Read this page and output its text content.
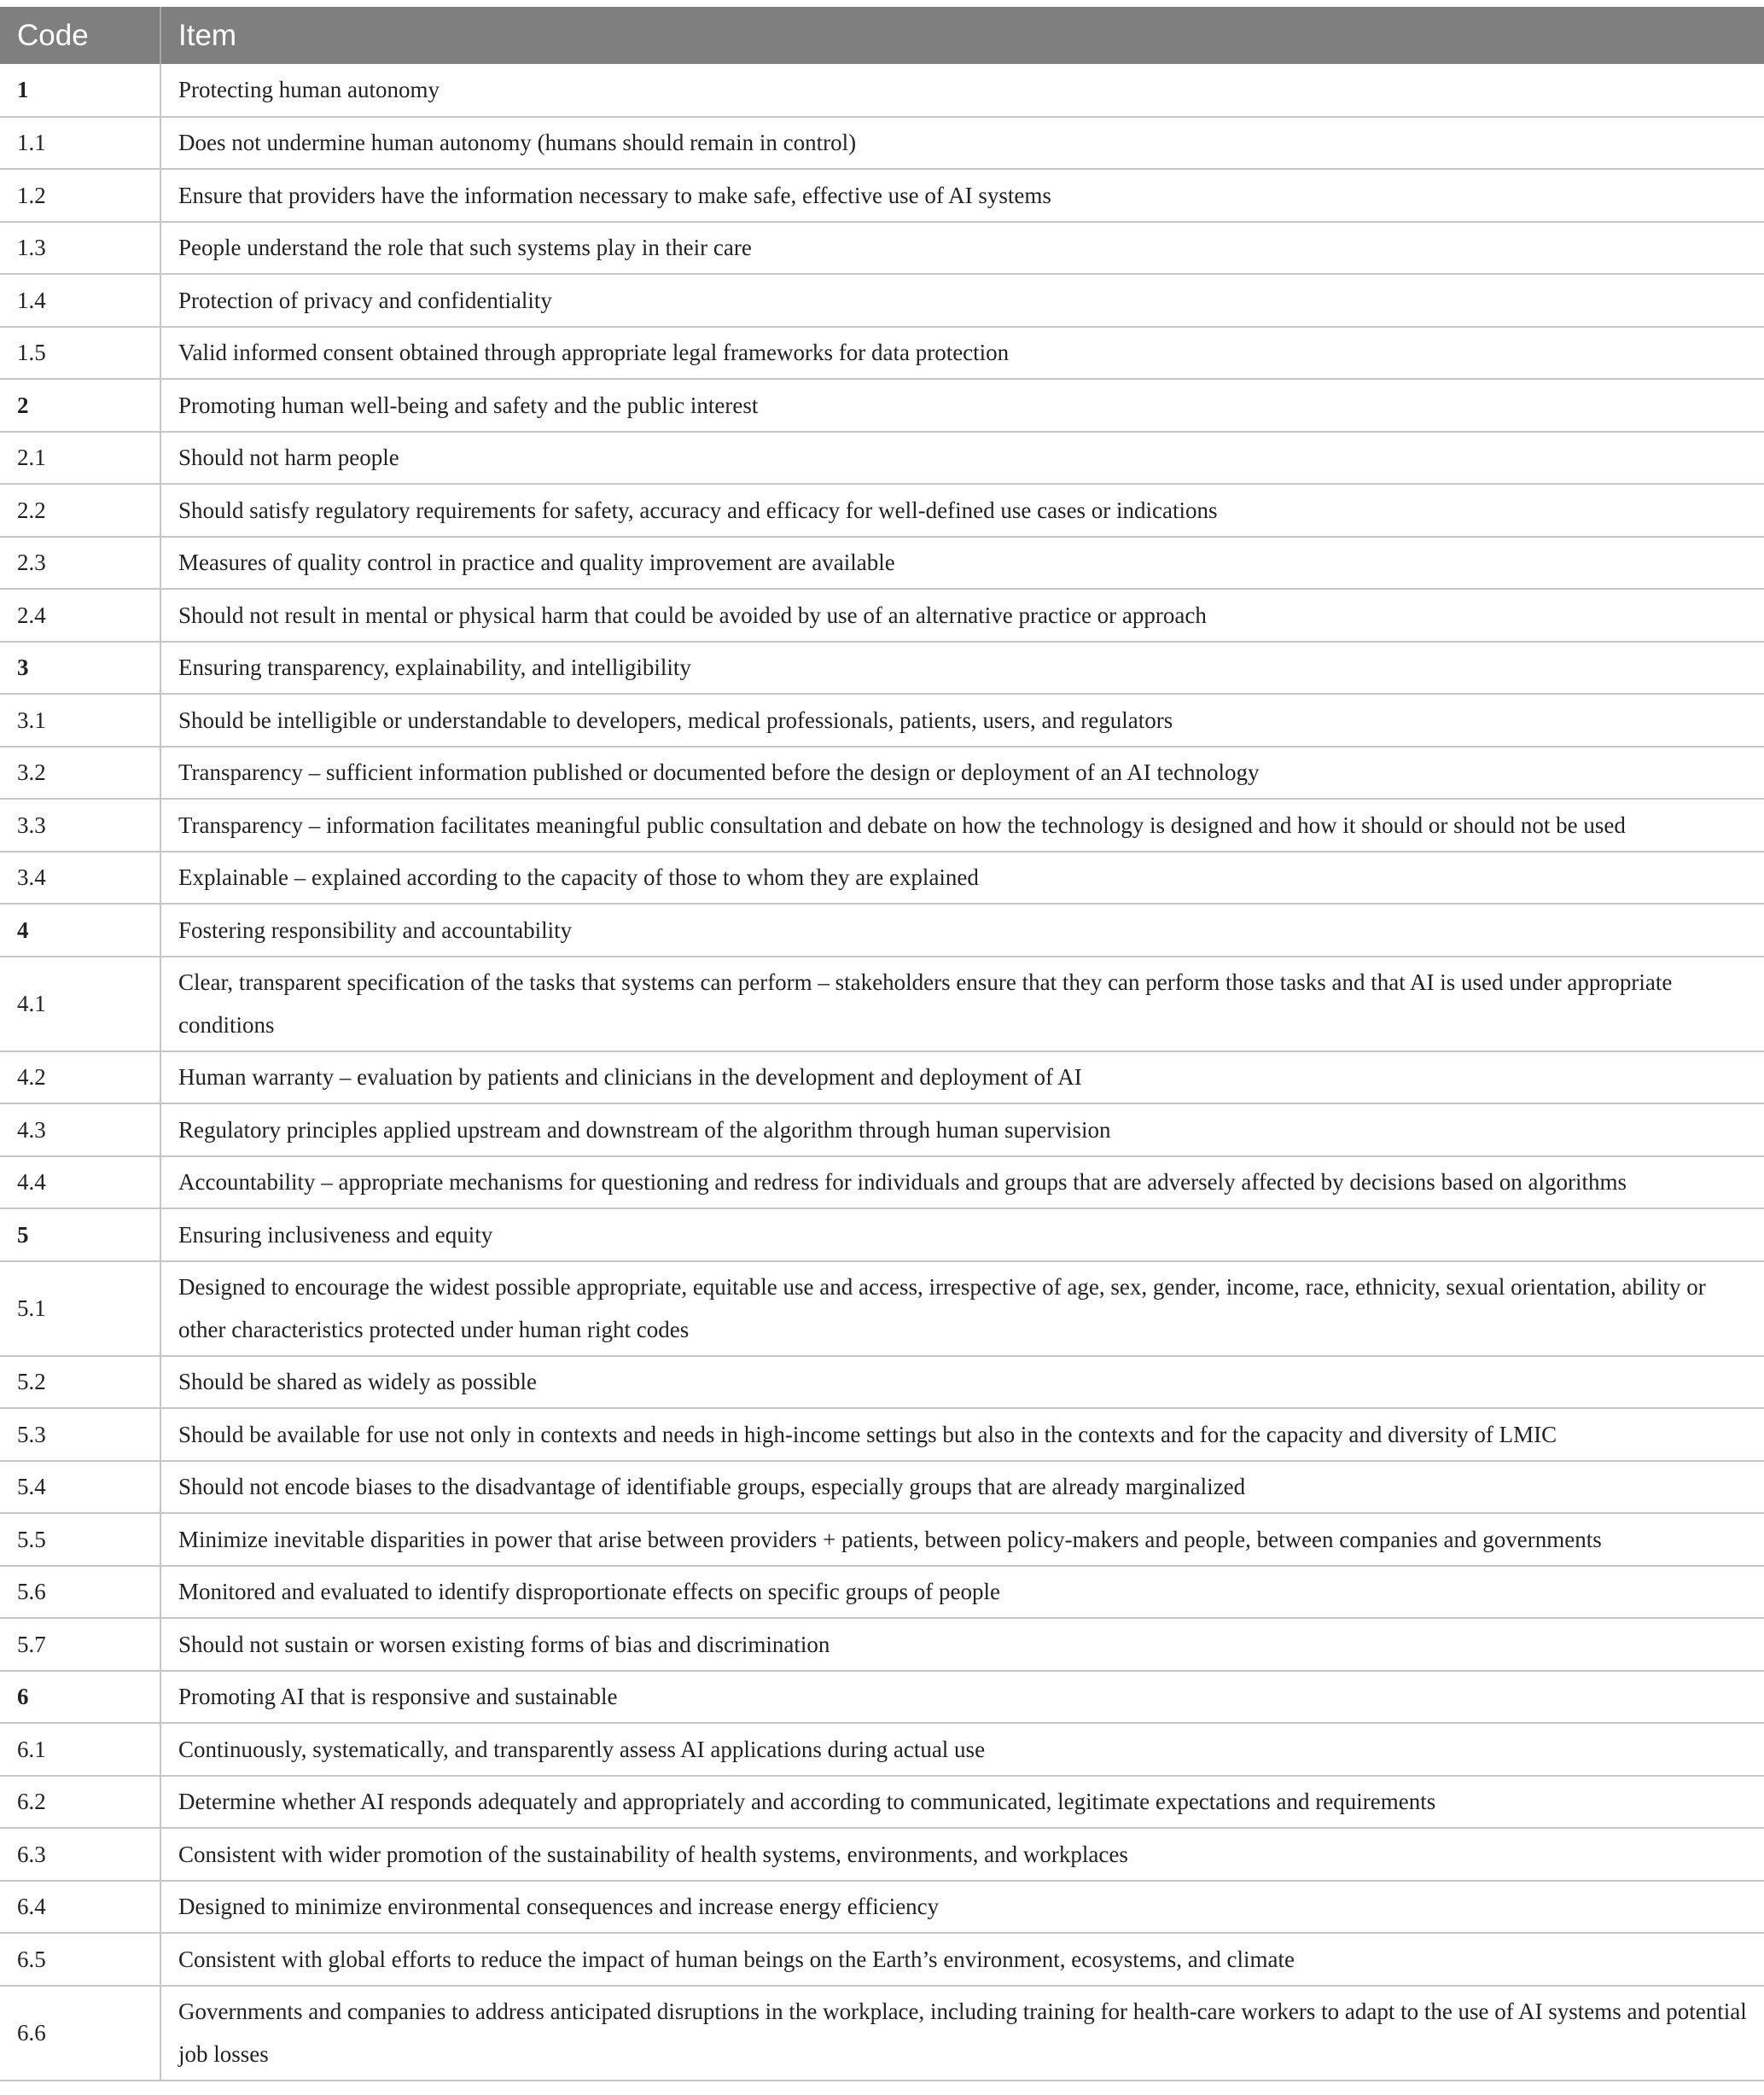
Code	Item
1	Protecting human autonomy
1.1	Does not undermine human autonomy (humans should remain in control)
1.2	Ensure that providers have the information necessary to make safe, effective use of AI systems
1.3	People understand the role that such systems play in their care
1.4	Protection of privacy and confidentiality
1.5	Valid informed consent obtained through appropriate legal frameworks for data protection
2	Promoting human well-being and safety and the public interest
2.1	Should not harm people
2.2	Should satisfy regulatory requirements for safety, accuracy and efficacy for well-defined use cases or indications
2.3	Measures of quality control in practice and quality improvement are available
2.4	Should not result in mental or physical harm that could be avoided by use of an alternative practice or approach
3	Ensuring transparency, explainability, and intelligibility
3.1	Should be intelligible or understandable to developers, medical professionals, patients, users, and regulators
3.2	Transparency – sufficient information published or documented before the design or deployment of an AI technology
3.3	Transparency – information facilitates meaningful public consultation and debate on how the technology is designed and how it should or should not be used
3.4	Explainable – explained according to the capacity of those to whom they are explained
4	Fostering responsibility and accountability
4.1	Clear, transparent specification of the tasks that systems can perform – stakeholders ensure that they can perform those tasks and that AI is used under appropriate conditions
4.2	Human warranty – evaluation by patients and clinicians in the development and deployment of AI
4.3	Regulatory principles applied upstream and downstream of the algorithm through human supervision
4.4	Accountability – appropriate mechanisms for questioning and redress for individuals and groups that are adversely affected by decisions based on algorithms
5	Ensuring inclusiveness and equity
5.1	Designed to encourage the widest possible appropriate, equitable use and access, irrespective of age, sex, gender, income, race, ethnicity, sexual orientation, ability or other characteristics protected under human right codes
5.2	Should be shared as widely as possible
5.3	Should be available for use not only in contexts and needs in high-income settings but also in the contexts and for the capacity and diversity of LMIC
5.4	Should not encode biases to the disadvantage of identifiable groups, especially groups that are already marginalized
5.5	Minimize inevitable disparities in power that arise between providers + patients, between policy-makers and people, between companies and governments
5.6	Monitored and evaluated to identify disproportionate effects on specific groups of people
5.7	Should not sustain or worsen existing forms of bias and discrimination
6	Promoting AI that is responsive and sustainable
6.1	Continuously, systematically, and transparently assess AI applications during actual use
6.2	Determine whether AI responds adequately and appropriately and according to communicated, legitimate expectations and requirements
6.3	Consistent with wider promotion of the sustainability of health systems, environments, and workplaces
6.4	Designed to minimize environmental consequences and increase energy efficiency
6.5	Consistent with global efforts to reduce the impact of human beings on the Earth’s environment, ecosystems, and climate
6.6	Governments and companies to address anticipated disruptions in the workplace, including training for health-care workers to adapt to the use of AI systems and potential job losses
